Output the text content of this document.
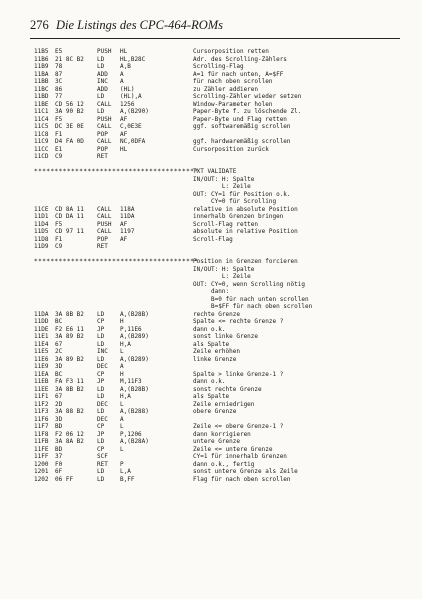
276 Die Listings des CPC-464-ROMs
11B5 E5	PUSH HL	Cursorposition retten
11B6 21 8C B2 LD	HL,B28C	Adr. des Scrolling-Zählers
11B9 78	LD	A,B	Scrolling-Flag
11BA 87	ADD A	A=1 für nach unten, A=$FF
11BB 3C	INC A	für nach oben scrollen
11BC 86	ADD (HL)	zu Zähler addieren
11BD 77	LD	(HL),A	Scrolling-Zähler wieder setzen
11BE CD 56 12 CALL 1256	Window-Parameter holen
11C1 3A 90 B2 LD	A,(B290)	Paper-Byte f. zu löschende Zl.
11C4 F5	PUSH AF	Paper-Byte und Flag retten
11C5 DC 3E 0E CALL C,0E3E	ggf. softwaremäßig scrollen
11C8 F1	POP AF
11C9 D4 FA 0D CALL NC,0DFA	ggf. hardwaremäßig scrollen
11CC E1	POP HL	Cursorposition zurück
11CD C9	RET
****************************************
TXT VALIDATE
IN/OUT: H: Spalte
L: Zeile
OUT: CY=1 für Position o.k.
CY=0 für Scrolling
11CE CD 8A 11 CALL 118A	relative in absolute Position
11D1 CD DA 11 CALL 11DA	innerhalb Grenzen bringen
11D4 F5	PUSH AF	Scroll-Flag retten
11D5 CD 97 11 CALL 1197	absolute in relative Position
11D8 F1	POP AF	Scroll-Flag
11D9 C9	RET
****************************************
Position in Grenzen forcieren
IN/OUT: H: Spalte
L: Zeile
OUT: CY=0, wenn Scrolling nötig
dann:
B=0 für nach unten scrollen
B=$FF für nach oben scrollen
11DA 3A 8B B2 LD	A,(B28B)	rechte Grenze
11DD BC	CP	H	Spalte <= rechte Grenze ?
11DE F2 E6 11 JP	P,11E6	dann o.k.
11E1 3A 89 B2 LD	A,(B289)	sonst linke Grenze
11E4 67	LD	H,A	als Spalte
11E5 2C	INC L	Zeile erhöhen
11E6 3A 89 B2 LD	A,(B289)	linke Grenze
11E9 3D	DEC A
11EA BC	CP	H	Spalte > linke Grenze-1 ?
11EB FA F3 11 JP	M,11F3	dann o.k.
11EE 3A 8B B2 LD	A,(B28B)	sonst rechte Grenze
11F1 67	LD	H,A	als Spalte
11F2 2D	DEC L	Zeile erniedrigen
11F3 3A 88 B2 LD	A,(B288)	obere Grenze
11F6 3D	DEC A
11F7 BD	CP	L	Zeile <= obere Grenze-1 ?
11F8 F2 06 12 JP	P,1206	dann korrigieren
11FB 3A 8A B2 LD	A,(B28A)	untere Grenze
11FE BD	CP	L	Zeile <= untere Grenze
11FF 37	SCF	CY=1 für innerhalb Grenzen
1200 F0	RET P	dann o.k., fertig
1201 6F	LD	L,A	sonst untere Grenze als Zeile
1202 06 FF	LD	B,FF	Flag für nach oben scrollen
